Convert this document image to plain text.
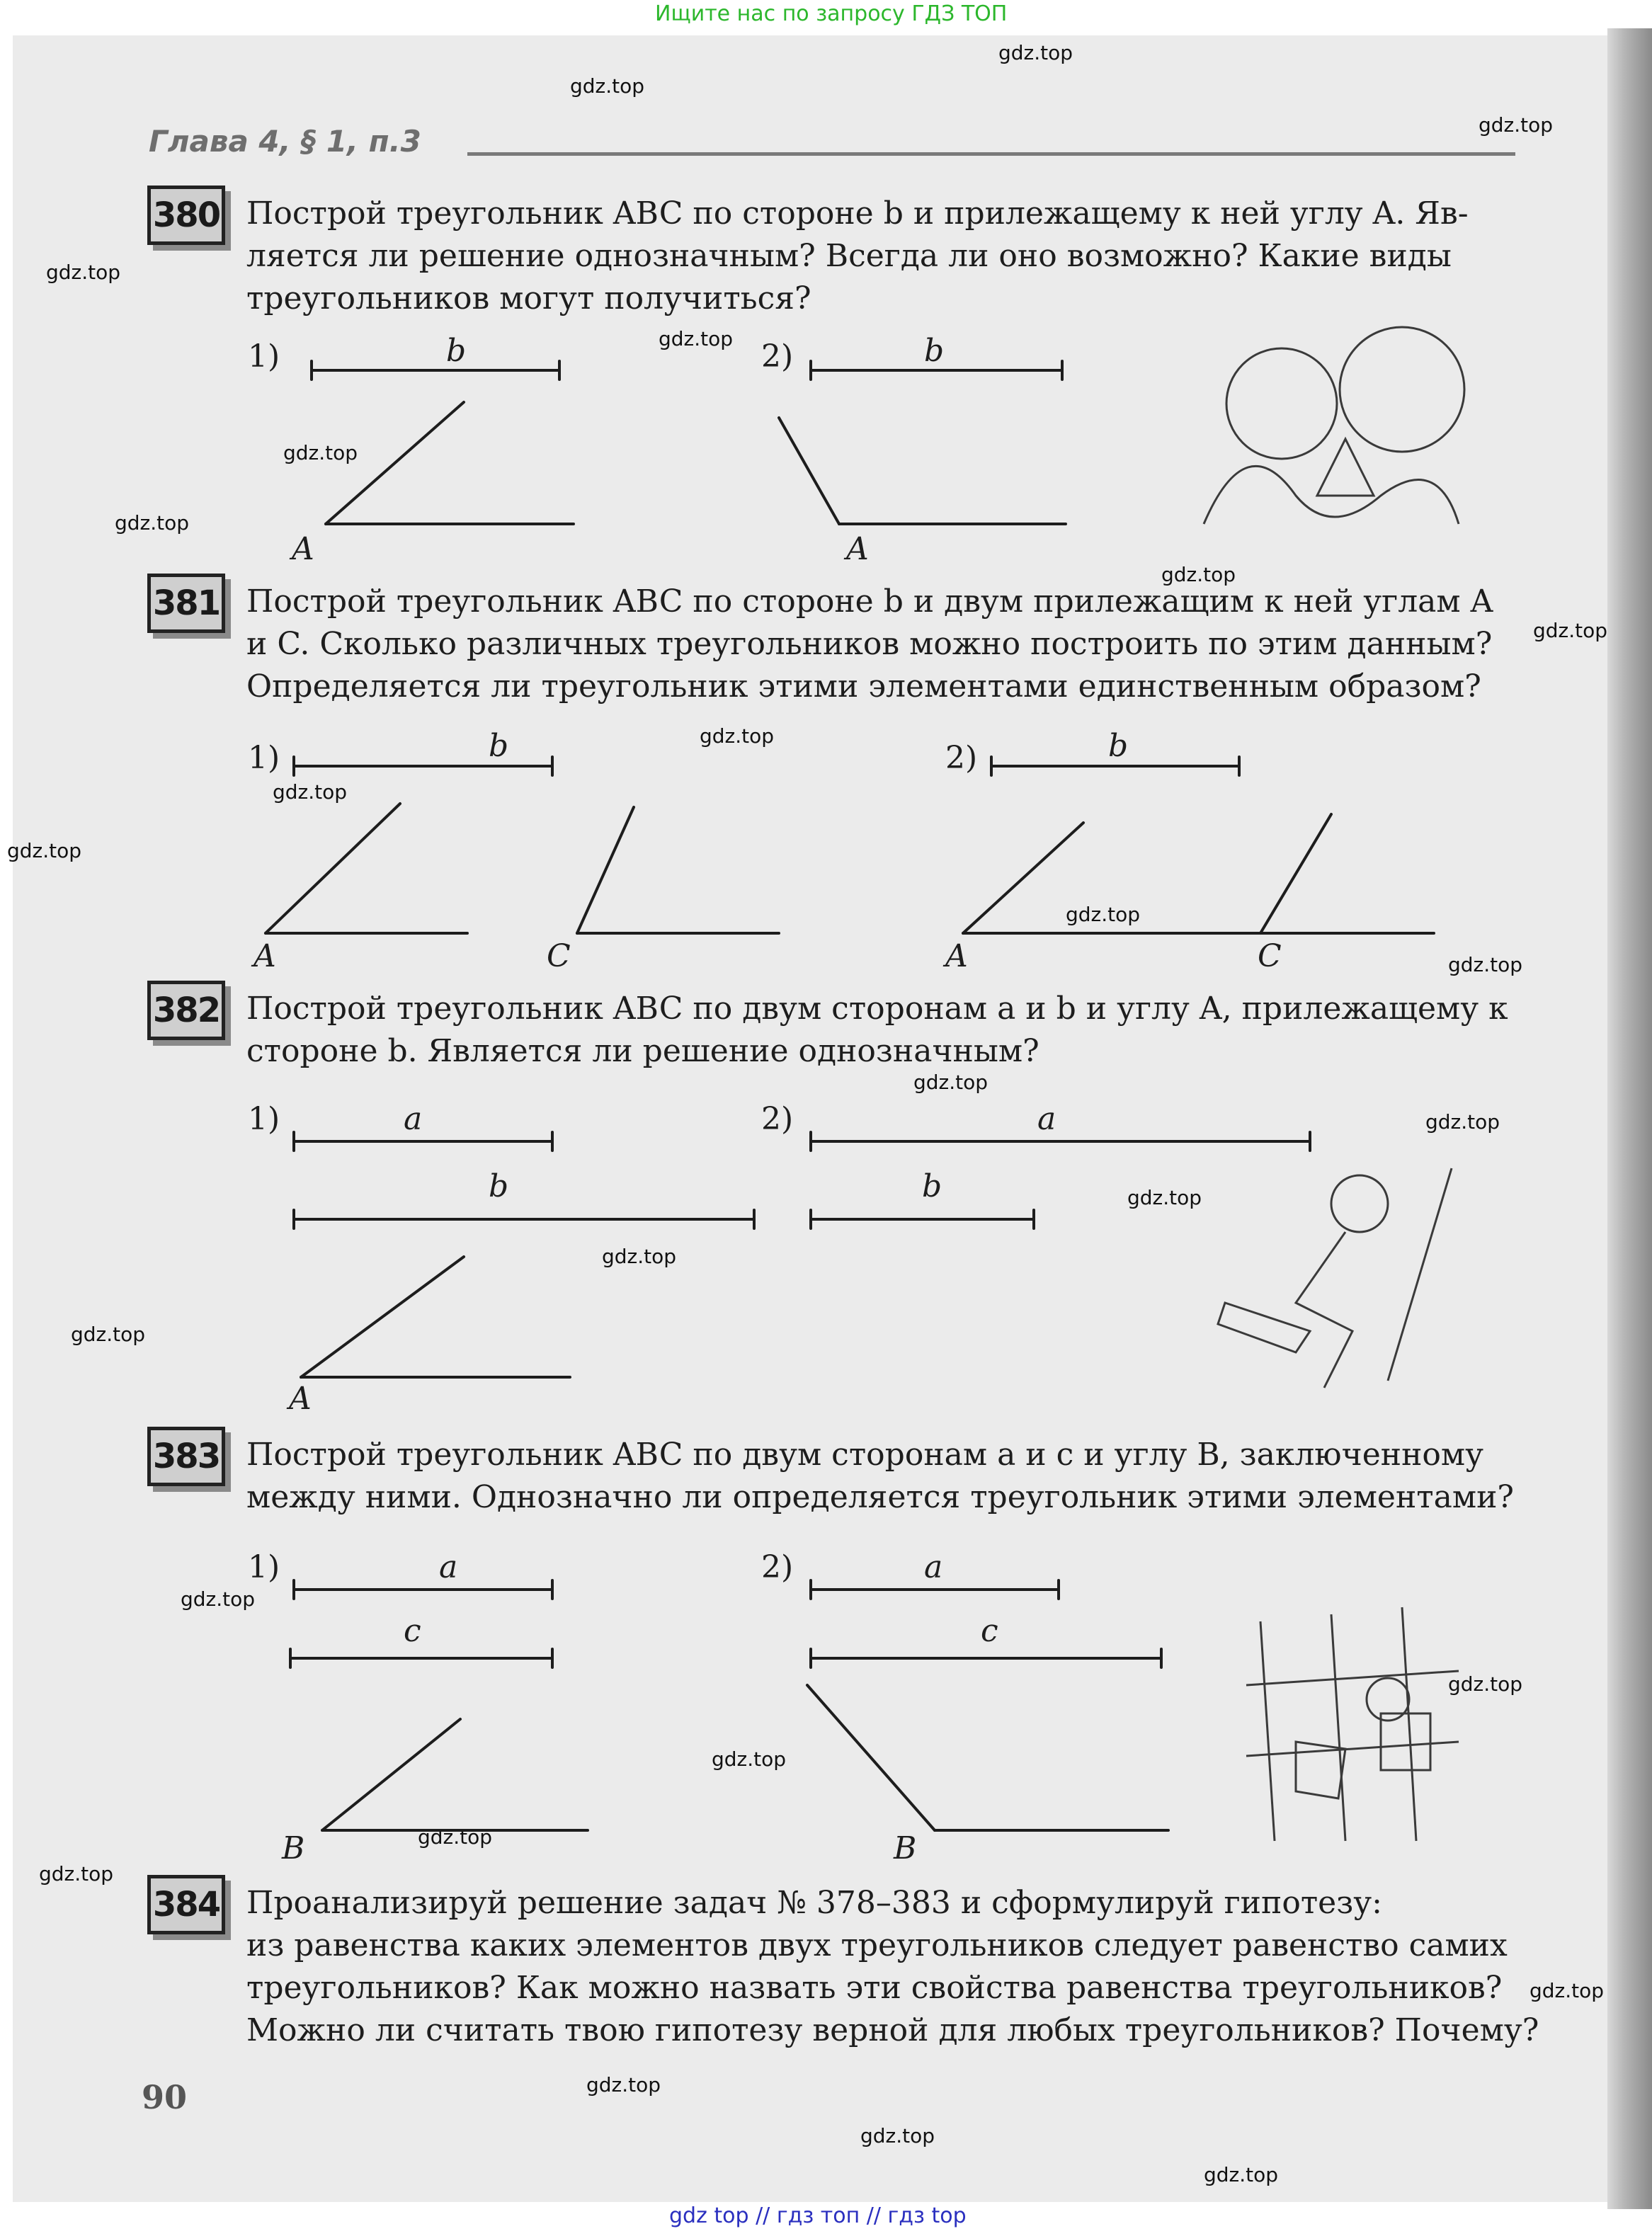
Ищите нас по запросу ГДЗ ТОП
gdz.top
gdz.top
gdz.top
gdz.top
gdz.top
gdz.top
gdz.top
gdz.top
gdz.top
gdz.top
gdz.top
gdz.top
gdz.top
gdz.top
gdz.top
gdz.top
gdz.top
gdz.top
gdz.top
gdz.top
gdz.top
gdz.top
gdz.top
gdz.top
gdz.top
gdz.top
gdz.top
gdz.top
Глава 4, § 1, п.3
380 Построй треугольник ABC по стороне b и прилежащему к ней углу A. Яв-
ляется ли решение однозначным? Всегда ли оно возможно? Какие виды
треугольников могут получиться?
381 Построй треугольник ABC по стороне b и двум прилежащим к ней углам A
и C. Сколько различных треугольников можно построить по этим данным?
Определяется ли треугольник этими элементами единственным образом?
382 Построй треугольник ABC по двум сторонам a и b и углу A, прилежащему к
стороне b. Является ли решение однозначным?
383 Построй треугольник ABC по двум сторонам a и c и углу B, заключенному
между ними. Однозначно ли определяется треугольник этими элементами?
384 Проанализируй решение задач № 378–383 и сформулируй гипотезу:
из равенства каких элементов двух треугольников следует равенство самих
треугольников? Как можно назвать эти свойства равенства треугольников?
Можно ли считать твою гипотезу верной для любых треугольников? Почему?
90
gdz top // гдз топ // гдз top
1)	b
A
2)	b
A
1)	b
A	C
2)	b
A	C
1)	a
b
A
2)	a
b
1)	a
c
B
2)	a
c
B
